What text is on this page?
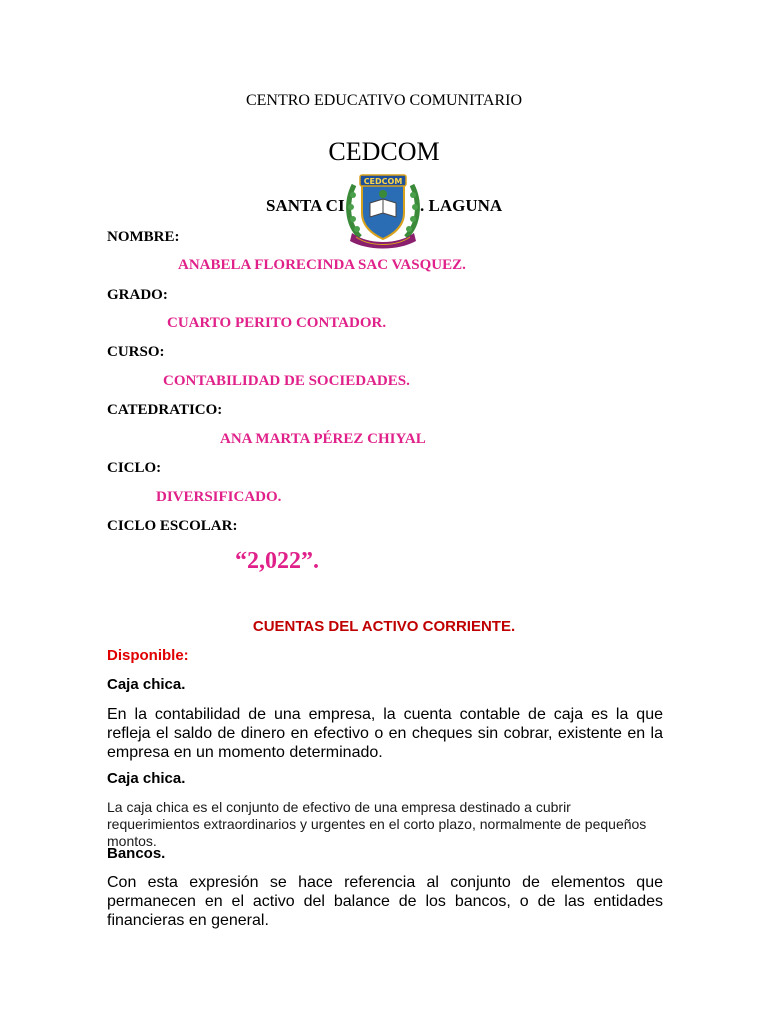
CENTRO EDUCATIVO COMUNITARIO
CEDCOM
SANTA CI	. LAGUNA
CEDCOM
NOMBRE:
ANABELA FLORECINDA SAC VASQUEZ.
GRADO:
CUARTO PERITO CONTADOR.
CURSO:
CONTABILIDAD DE SOCIEDADES.
CATEDRATICO:
ANA MARTA PÉREZ CHIYAL
CICLO:
DIVERSIFICADO.
CICLO ESCOLAR:
“2,022”.
CUENTAS DEL ACTIVO CORRIENTE.
Disponible:
Caja chica.
En la contabilidad de una empresa, la cuenta contable de caja es la que refleja el saldo de dinero en efectivo o en cheques sin cobrar, existente en la empresa en un momento determinado.
Caja chica.
La caja chica es el conjunto de efectivo de una empresa destinado a cubrir requerimientos extraordinarios y urgentes en el corto plazo, normalmente de pequeños montos.
Bancos.
Con esta expresión se hace referencia al conjunto de elementos que permanecen en el activo del balance de los bancos, o de las entidades financieras en general.
